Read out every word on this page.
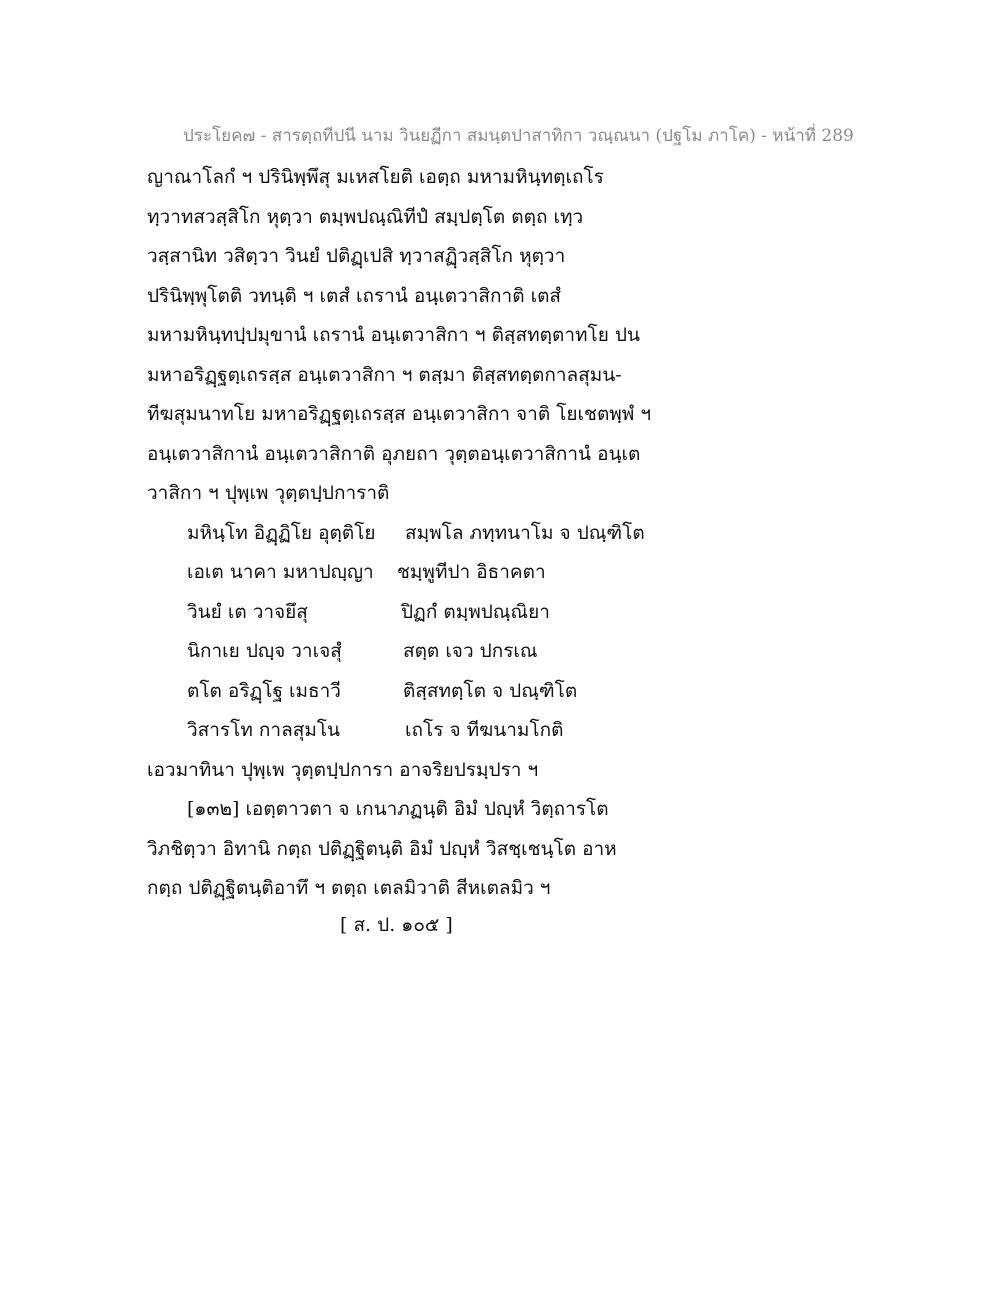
ประโยค๗ - สารตฺถทีปนี นาม วินยฏีกา สมนฺตปาสาทิกา วณฺณนา (ปฐโม ภาโค) - หน้าที่ 289
ญาณาโลกํ ฯ ปรินิพฺพึสุ มเหสโยติ เอตฺถ มหามหินฺทตฺเถโร
ทฺวาทสวสฺสิโก หุตฺวา ตมฺพปณฺณิทีปํ สมฺปตฺโต ตตฺถ เทฺว
วสฺสานิท วสิตฺวา วินยํ ปติฏฺเปสิ ทฺวาสฏฺิวสฺสิโก หุตฺวา
ปรินิพฺพุโตติ วทนฺติ ฯ เตสํ เถรานํ อนฺเตวาสิกาติ เตสํ
มหามหินฺทปฺปมุขานํ เถรานํ อนฺเตวาสิกา ฯ ติสฺสทตฺตาทโย ปน
มหาอริฏฺฐตฺเถรสฺส อนฺเตวาสิกา ฯ ตสฺมา ติสฺสทตฺตกาลสุมน-
ทีฆสุมนาทโย มหาอริฏฺฐตฺเถรสฺส อนฺเตวาสิกา จาติ โยเชตพฺพํ ฯ
อนฺเตวาสิกานํ อนฺเตวาสิกาติ อุภยถา วุตฺตอนฺเตวาสิกานํ อนฺเต
วาสิกา ฯ ปุพฺเพ วุตฺตปฺปการาติ
มหินฺโท อิฏฺฏิโย อุตฺติโย สมฺพโล ภทฺทนาโม จ ปณฺฑิโต
เอเต นาคา มหาปญฺญา ชมฺพูทีปา อิธาคตา
วินยํ เต วาจยึสุ	ปิฏกํ ตมฺพปณฺณิยา
นิกาเย ปญฺจ วาเจสุํ	สตฺต เจว ปกรเณ
ตโต อริฏฺโฐ เมธาวี	ติสฺสทตฺโต จ ปณฺฑิโต
วิสารโท กาลสุมโน	เถโร จ ทีฆนามโกติ
เอวมาทินา ปุพฺเพ วุตฺตปฺปการา อาจริยปรมฺปรา ฯ
[๑๓๒] เอตฺตาวตา จ เกนาภฏนฺติ อิมํ ปญฺหํ วิตฺถารโต
วิภชิตฺวา อิทานิ กตฺถ ปติฏฺฐิตนฺติ อิมํ ปญฺหํ วิสชฺเชนฺโต อาห
กตฺถ ปติฏฺฐิตนฺติอาทึ ฯ ตตฺถ เตลมิวาติ สีหเตลมิว ฯ
[ ส. ป. ๑๐๕ ]
